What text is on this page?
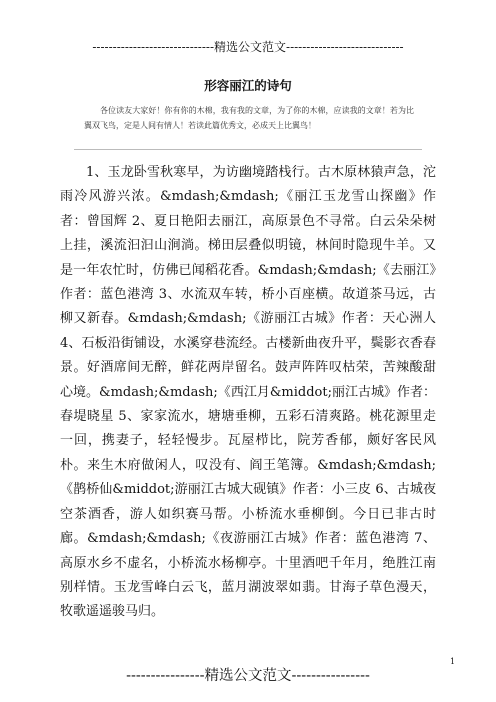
------------------------------精选公文范文-----------------------------
形容丽江的诗句
各位读友大家好！你有你的木棉，我有我的文章，为了你的木棉，应读我的文章！若为比翼双飞鸟，定是人间有情人！若读此篇优秀文，必成天上比翼鸟！
1、玉龙卧雪秋寒早，为访幽境踏栈行。古木原林猿声急，沱雨冷风游兴浓。&mdash;&mdash;《丽江玉龙雪山探幽》作者：曾国辉 2、夏日艳阳去丽江，高原景色不寻常。白云朵朵树上挂，溪流汩汩山涧淌。梯田层叠似明镜，林间时隐现牛羊。又是一年农忙时，仿佛已闻稻花香。&mdash;&mdash;《去丽江》作者：蓝色港湾 3、水流双车转，桥小百座横。故道茶马远，古柳又新春。&mdash;&mdash;《游丽江古城》作者：天心洲人 4、石板沿街铺设，水溪穿巷流经。古楼新曲夜升平，鬓影衣香春景。好酒席间无醉，鲜花两岸留名。鼓声阵阵叹枯荣，苦辣酸甜心境。&mdash;&mdash;《西江月&middot;丽江古城》作者：春堤晓星 5、家家流水，塘塘垂柳，五彩石清爽路。桃花源里走一回，携妻子，轻轻慢步。瓦屋栉比，院芳香郁，颇好客民风朴。来生木府做闲人，叹没有、阎王笔簿。&mdash;&mdash;《鹊桥仙&middot;游丽江古城大砚镇》作者：小三皮 6、古城夜空茶酒香，游人如织赛马帮。小桥流水垂柳倒。今日已非古时廊。&mdash;&mdash;《夜游丽江古城》作者：蓝色港湾 7、高原水乡不虚名，小桥流水杨柳亭。十里酒吧千年月，绝胜江南别样情。玉龙雪峰白云飞，蓝月湖波翠如翡。甘海子草色漫天，牧歌遥遥骏马归。
1
----------------精选公文范文----------------
